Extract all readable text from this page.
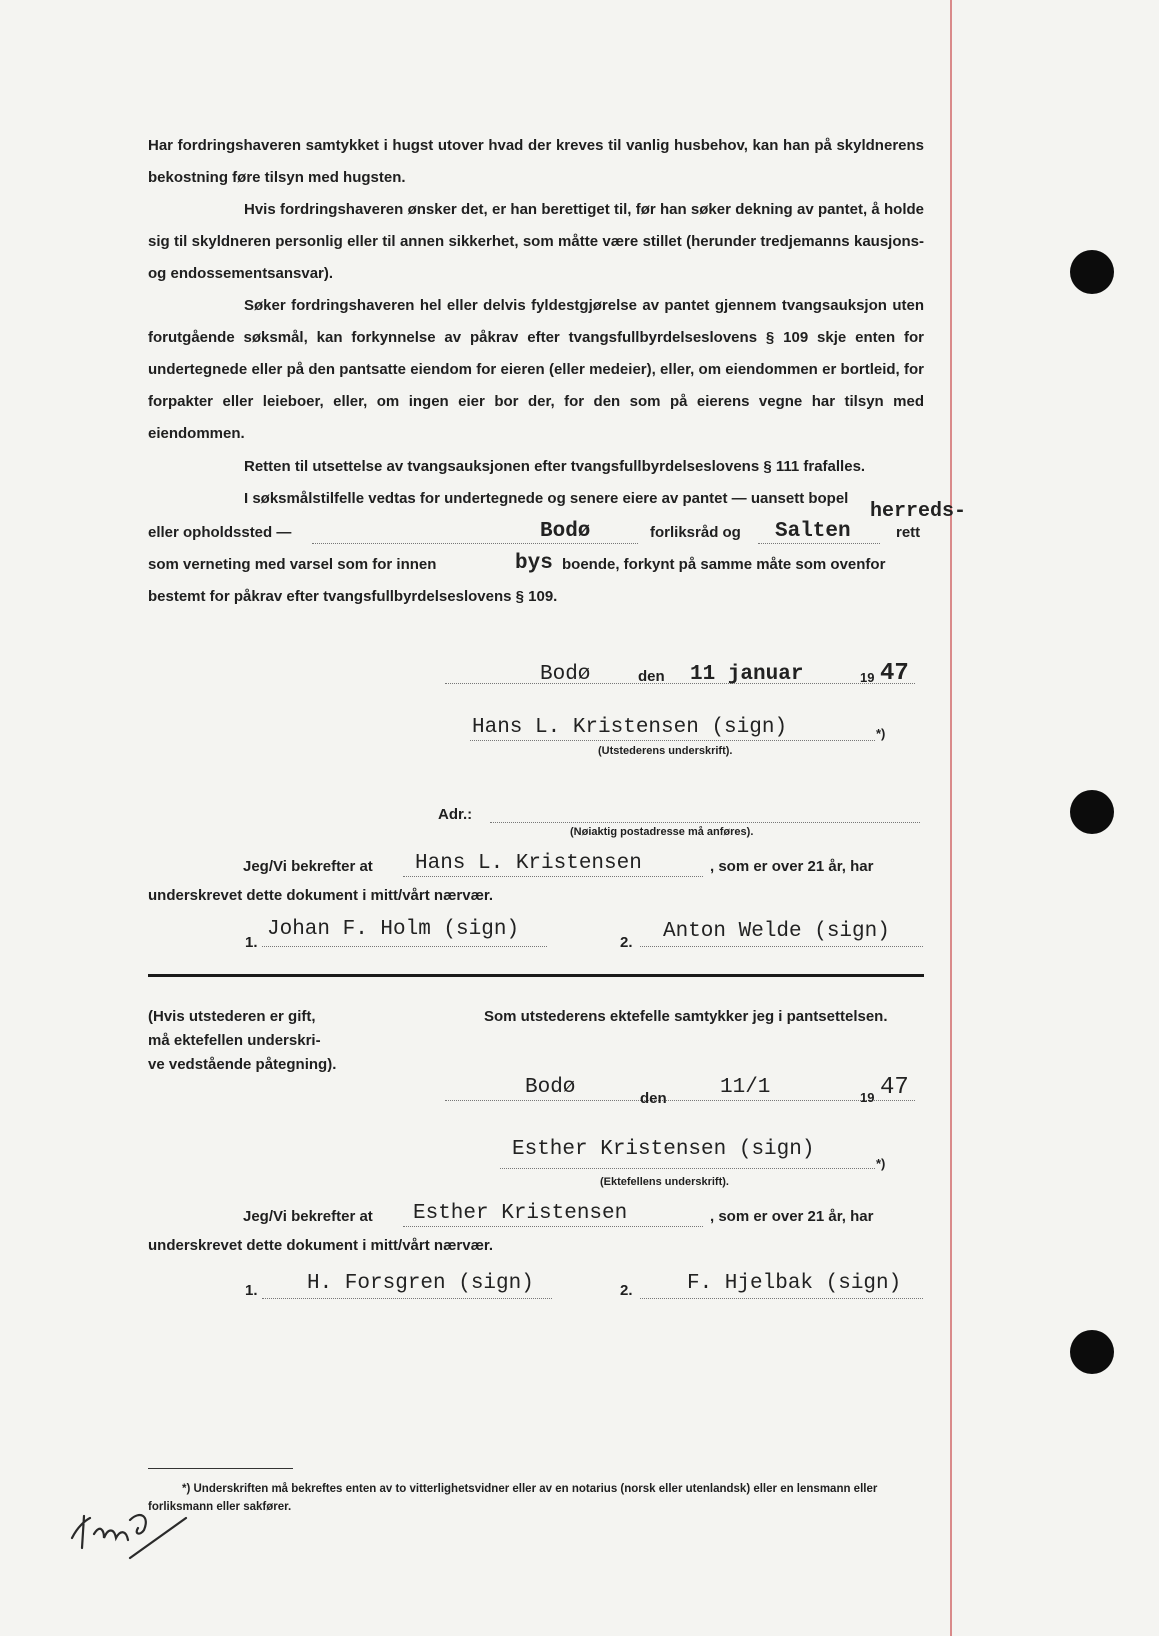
Har fordringshaveren samtykket i hugst utover hvad der kreves til vanlig husbehov, kan han på skyldnerens bekostning føre tilsyn med hugsten.

Hvis fordringshaveren ønsker det, er han berettiget til, før han søker dekning av pantet, å holde sig til skyldneren personlig eller til annen sikkerhet, som måtte være stillet (herunder tredjemanns kausjons- og endossementsansvar).

Søker fordringshaveren hel eller delvis fyldestgjørelse av pantet gjennem tvangsauksjon uten forutgående søksmål, kan forkynnelse av påkrav efter tvangsfullbyrdelseslovens § 109 skje enten for undertegnede eller på den pantsatte eiendom for eieren (eller medeier), eller, om eiendommen er bortleid, for forpakter eller leieboer, eller, om ingen eier bor der, for den som på eierens vegne har tilsyn med eiendommen.

Retten til utsettelse av tvangsauksjonen efter tvangsfullbyrdelseslovens § 111 frafalles.

I søksmålstilfelle vedtas for undertegnede og senere eiere av pantet — uansett bopel

herreds-
eller opholdssted —	Bodø	forliksråd og Salten	rett
som verneting med varsel som for innen	bys boende, forkynt på samme måte som ovenfor
bestemt for påkrav efter tvangsfullbyrdelseslovens § 109.
Bodø	den 11 januar	19 47
Hans L. Kristensen (sign)	*)
(Utstederens underskrift).
Adr.:
(Nøiaktig postadresse må anføres).
Jeg/Vi bekrefter at Hans L. Kristensen	, som er over 21 år, har
underskrevet dette dokument i mitt/vårt nærvær.
1.
Johan F. Holm (sign)
2. Anton Welde (sign)
(Hvis utstederen er gift,
må ektefellen underskri-
ve vedstående påtegning).
Som utstederens ektefelle samtykker jeg i pantsettelsen.
Bodø	den	11/1	19 47
Esther Kristensen (sign)
*)
(Ektefellens underskrift).
Jeg/Vi bekrefter at Esther Kristensen	, som er over 21 år, har
underskrevet dette dokument i mitt/vårt nærvær.
1. H. Forsgren (sign)	2.	F. Hjelbak (sign)

*) Underskriften må bekreftes enten av to vitterlighetsvidner eller av en notarius (norsk eller utenlandsk) eller en lensmann eller forliksmann eller sakfører.
